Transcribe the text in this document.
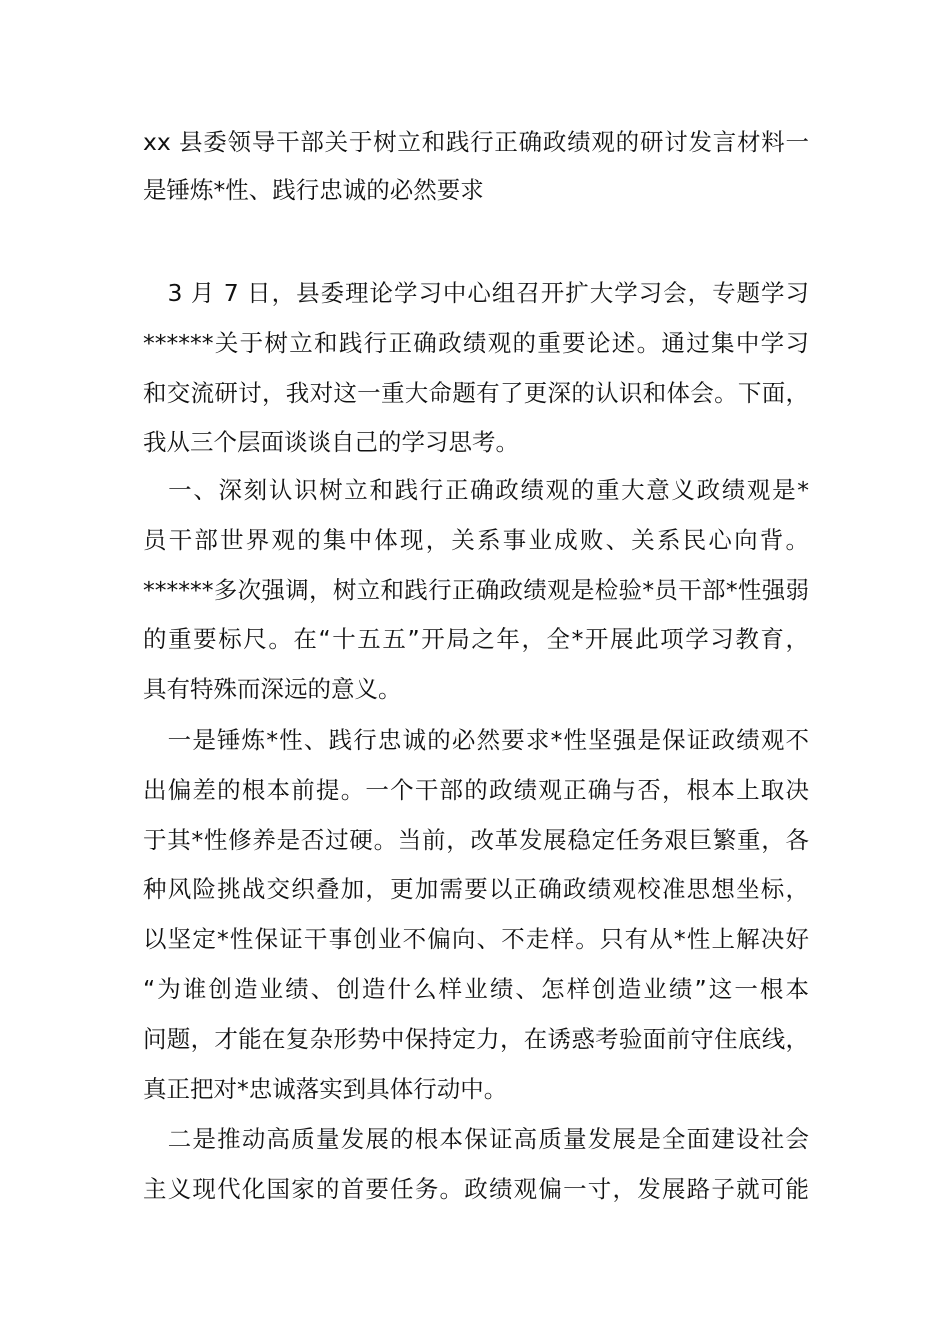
xx 县委领导干部关于树立和践行正确政绩观的研讨发言材料一
是锤炼*性、践行忠诚的必然要求
　3 月 7 日，县委理论学习中心组召开扩大学习会，专题学习
******关于树立和践行正确政绩观的重要论述。通过集中学习
和交流研讨，我对这一重大命题有了更深的认识和体会。下面，
我从三个层面谈谈自己的学习思考。
　一、深刻认识树立和践行正确政绩观的重大意义政绩观是*
员干部世界观的集中体现，关系事业成败、关系民心向背。
******多次强调，树立和践行正确政绩观是检验*员干部*性强弱
的重要标尺。在“十五五”开局之年，全*开展此项学习教育，
具有特殊而深远的意义。
　一是锤炼*性、践行忠诚的必然要求*性坚强是保证政绩观不
出偏差的根本前提。一个干部的政绩观正确与否，根本上取决
于其*性修养是否过硬。当前，改革发展稳定任务艰巨繁重，各
种风险挑战交织叠加，更加需要以正确政绩观校准思想坐标，
以坚定*性保证干事创业不偏向、不走样。只有从*性上解决好
“为谁创造业绩、创造什么样业绩、怎样创造业绩”这一根本
问题，才能在复杂形势中保持定力，在诱惑考验面前守住底线，
真正把对*忠诚落实到具体行动中。
　二是推动高质量发展的根本保证高质量发展是全面建设社会
主义现代化国家的首要任务。政绩观偏一寸，发展路子就可能
